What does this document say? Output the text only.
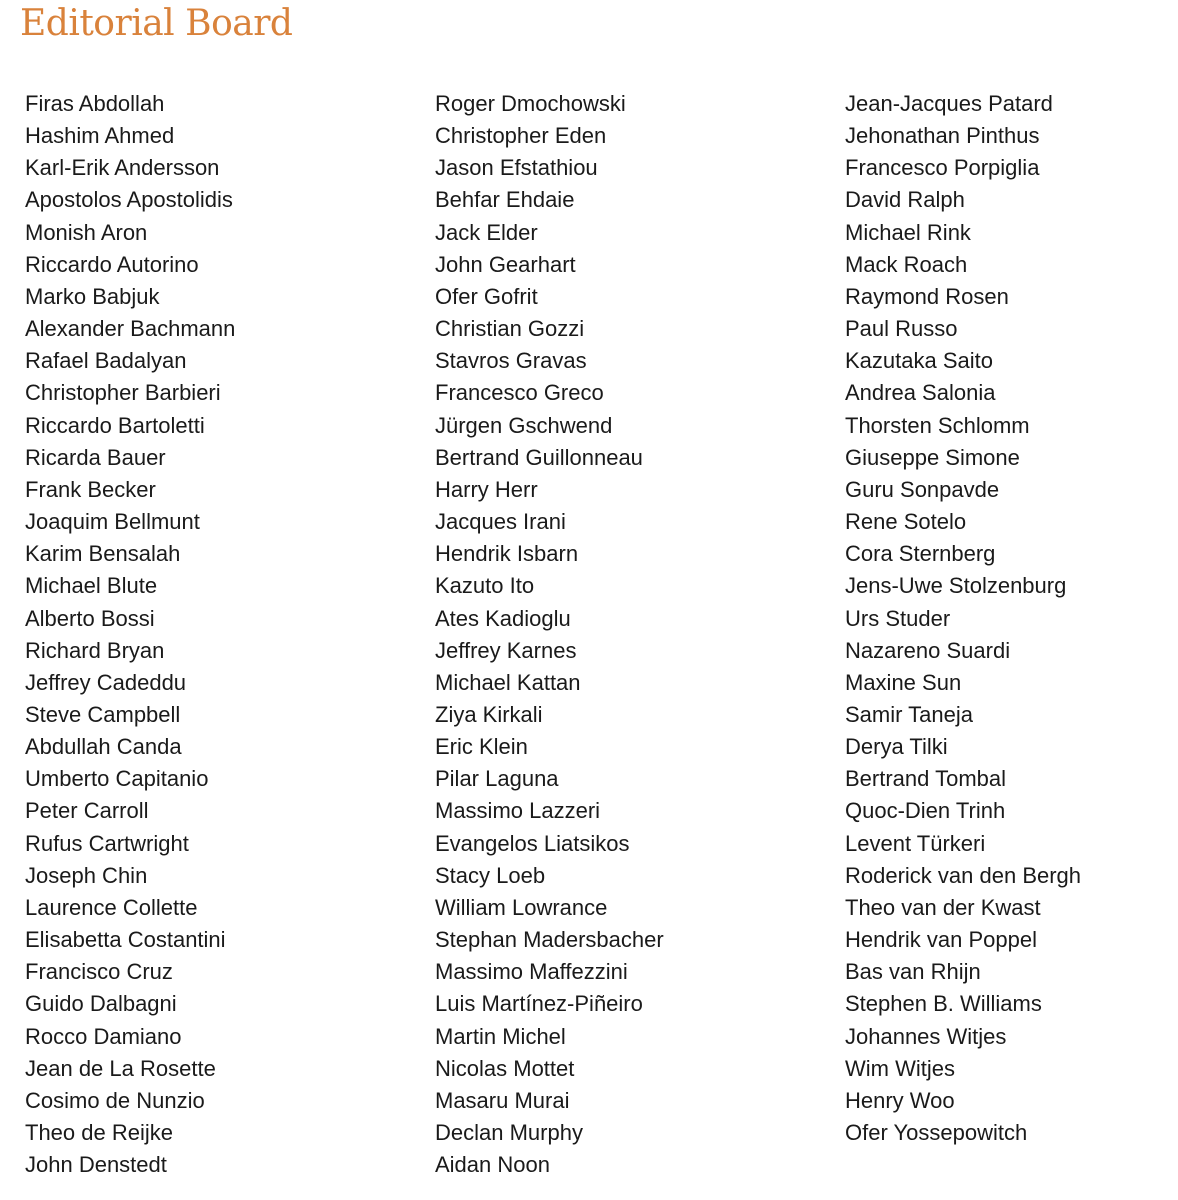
Editorial Board
Firas Abdollah
Hashim Ahmed
Karl-Erik Andersson
Apostolos Apostolidis
Monish Aron
Riccardo Autorino
Marko Babjuk
Alexander Bachmann
Rafael Badalyan
Christopher Barbieri
Riccardo Bartoletti
Ricarda Bauer
Frank Becker
Joaquim Bellmunt
Karim Bensalah
Michael Blute
Alberto Bossi
Richard Bryan
Jeffrey Cadeddu
Steve Campbell
Abdullah Canda
Umberto Capitanio
Peter Carroll
Rufus Cartwright
Joseph Chin
Laurence Collette
Elisabetta Costantini
Francisco Cruz
Guido Dalbagni
Rocco Damiano
Jean de La Rosette
Cosimo de Nunzio
Theo de Reijke
John Denstedt
Roger Dmochowski
Christopher Eden
Jason Efstathiou
Behfar Ehdaie
Jack Elder
John Gearhart
Ofer Gofrit
Christian Gozzi
Stavros Gravas
Francesco Greco
Jürgen Gschwend
Bertrand Guillonneau
Harry Herr
Jacques Irani
Hendrik Isbarn
Kazuto Ito
Ates Kadioglu
Jeffrey Karnes
Michael Kattan
Ziya Kirkali
Eric Klein
Pilar Laguna
Massimo Lazzeri
Evangelos Liatsikos
Stacy Loeb
William Lowrance
Stephan Madersbacher
Massimo Maffezzini
Luis Martínez-Piñeiro
Martin Michel
Nicolas Mottet
Masaru Murai
Declan Murphy
Aidan Noon
Jean-Jacques Patard
Jehonathan Pinthus
Francesco Porpiglia
David Ralph
Michael Rink
Mack Roach
Raymond Rosen
Paul Russo
Kazutaka Saito
Andrea Salonia
Thorsten Schlomm
Giuseppe Simone
Guru Sonpavde
Rene Sotelo
Cora Sternberg
Jens-Uwe Stolzenburg
Urs Studer
Nazareno Suardi
Maxine Sun
Samir Taneja
Derya Tilki
Bertrand Tombal
Quoc-Dien Trinh
Levent Türkeri
Roderick van den Bergh
Theo van der Kwast
Hendrik van Poppel
Bas van Rhijn
Stephen B. Williams
Johannes Witjes
Wim Witjes
Henry Woo
Ofer Yossepowitch
